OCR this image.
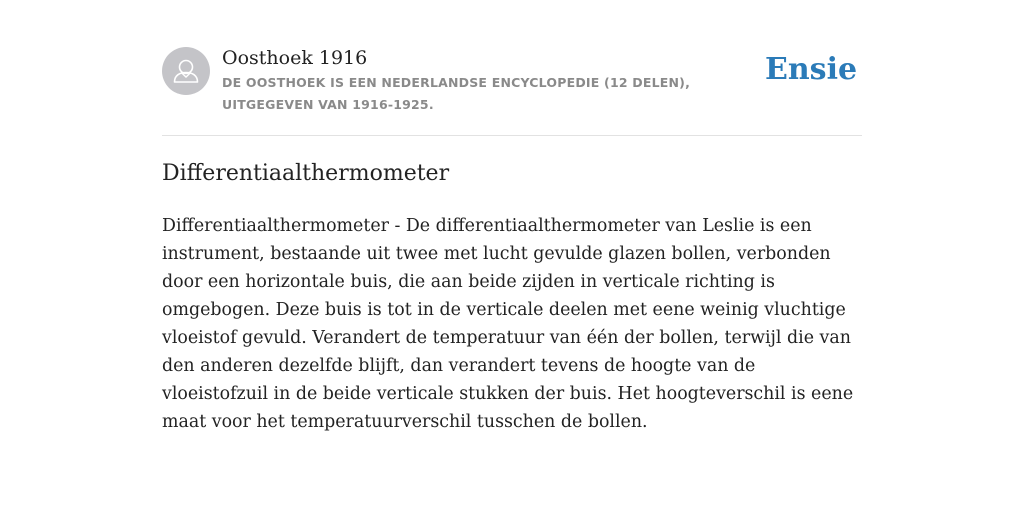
Oosthoek 1916
DE OOSTHOEK IS EEN NEDERLANDSE ENCYCLOPEDIE (12 DELEN), UITGEGEVEN VAN 1916-1925.
Ensie
Differentiaalthermometer

Differentiaalthermometer - De differentiaalthermometer van Leslie is een instrument, bestaande uit twee met lucht gevulde glazen bollen, verbonden door een horizontale buis, die aan beide zijden in verticale richting is omgebogen. Deze buis is tot in de verticale deelen met eene weinig vluchtige vloeistof gevuld. Verandert de temperatuur van één der bollen, terwijl die van den anderen dezelfde blijft, dan verandert tevens de hoogte van de vloeistofzuil in de beide verticale stukken der buis. Het hoogteverschil is eene maat voor het temperatuurverschil tusschen de bollen.
